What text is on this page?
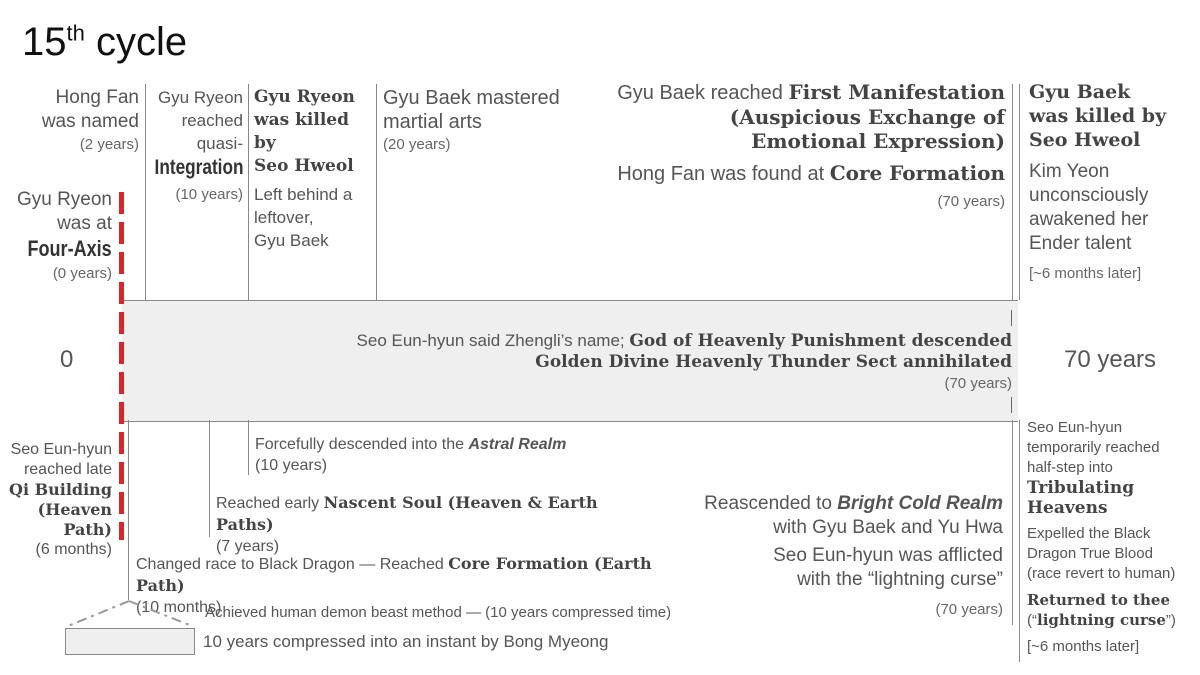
15th cycle
Hong Fan
was named
(2 years)
Gyu Ryeon
reached
quasi-
Integration
(10 years)
Gyu Ryeon
was killed by
Seo Hweol
Left behind a
leftover,
Gyu Baek
Gyu Baek mastered
martial arts
(20 years)
Gyu Baek reached First Manifestation
(Auspicious Exchange of
Emotional Expression)
Hong Fan was found at Core Formation
(70 years)
Gyu Baek
was killed by
Seo Hweol
Kim Yeon
unconsciously
awakened her
Ender talent
[~6 months later]
Gyu Ryeon
was at
Four-Axis
(0 years)
0	70 years
Seo Eun-hyun said Zhengli’s name; God of Heavenly Punishment descended
Golden Divine Heavenly Thunder Sect annihilated
(70 years)
Seo Eun-hyun
reached late
Qi Building
(Heaven Path)
(6 months)
Forcefully descended into the Astral Realm
(10 years)
Reached early Nascent Soul (Heaven & Earth Paths)
(7 years)
Changed race to Black Dragon — Reached Core Formation (Earth Path)
(10 months)
Achieved human demon beast method — (10 years compressed time)
10 years compressed into an instant by Bong Myeong
Reascended to Bright Cold Realm
with Gyu Baek and Yu Hwa
Seo Eun-hyun was afflicted
with the “lightning curse”
(70 years)
Seo Eun-hyun
temporarily reached
half-step into
Tribulating
Heavens
Expelled the Black
Dragon True Blood
(race revert to human)
Returned to thee
(“lightning curse”)
[~6 months later]
